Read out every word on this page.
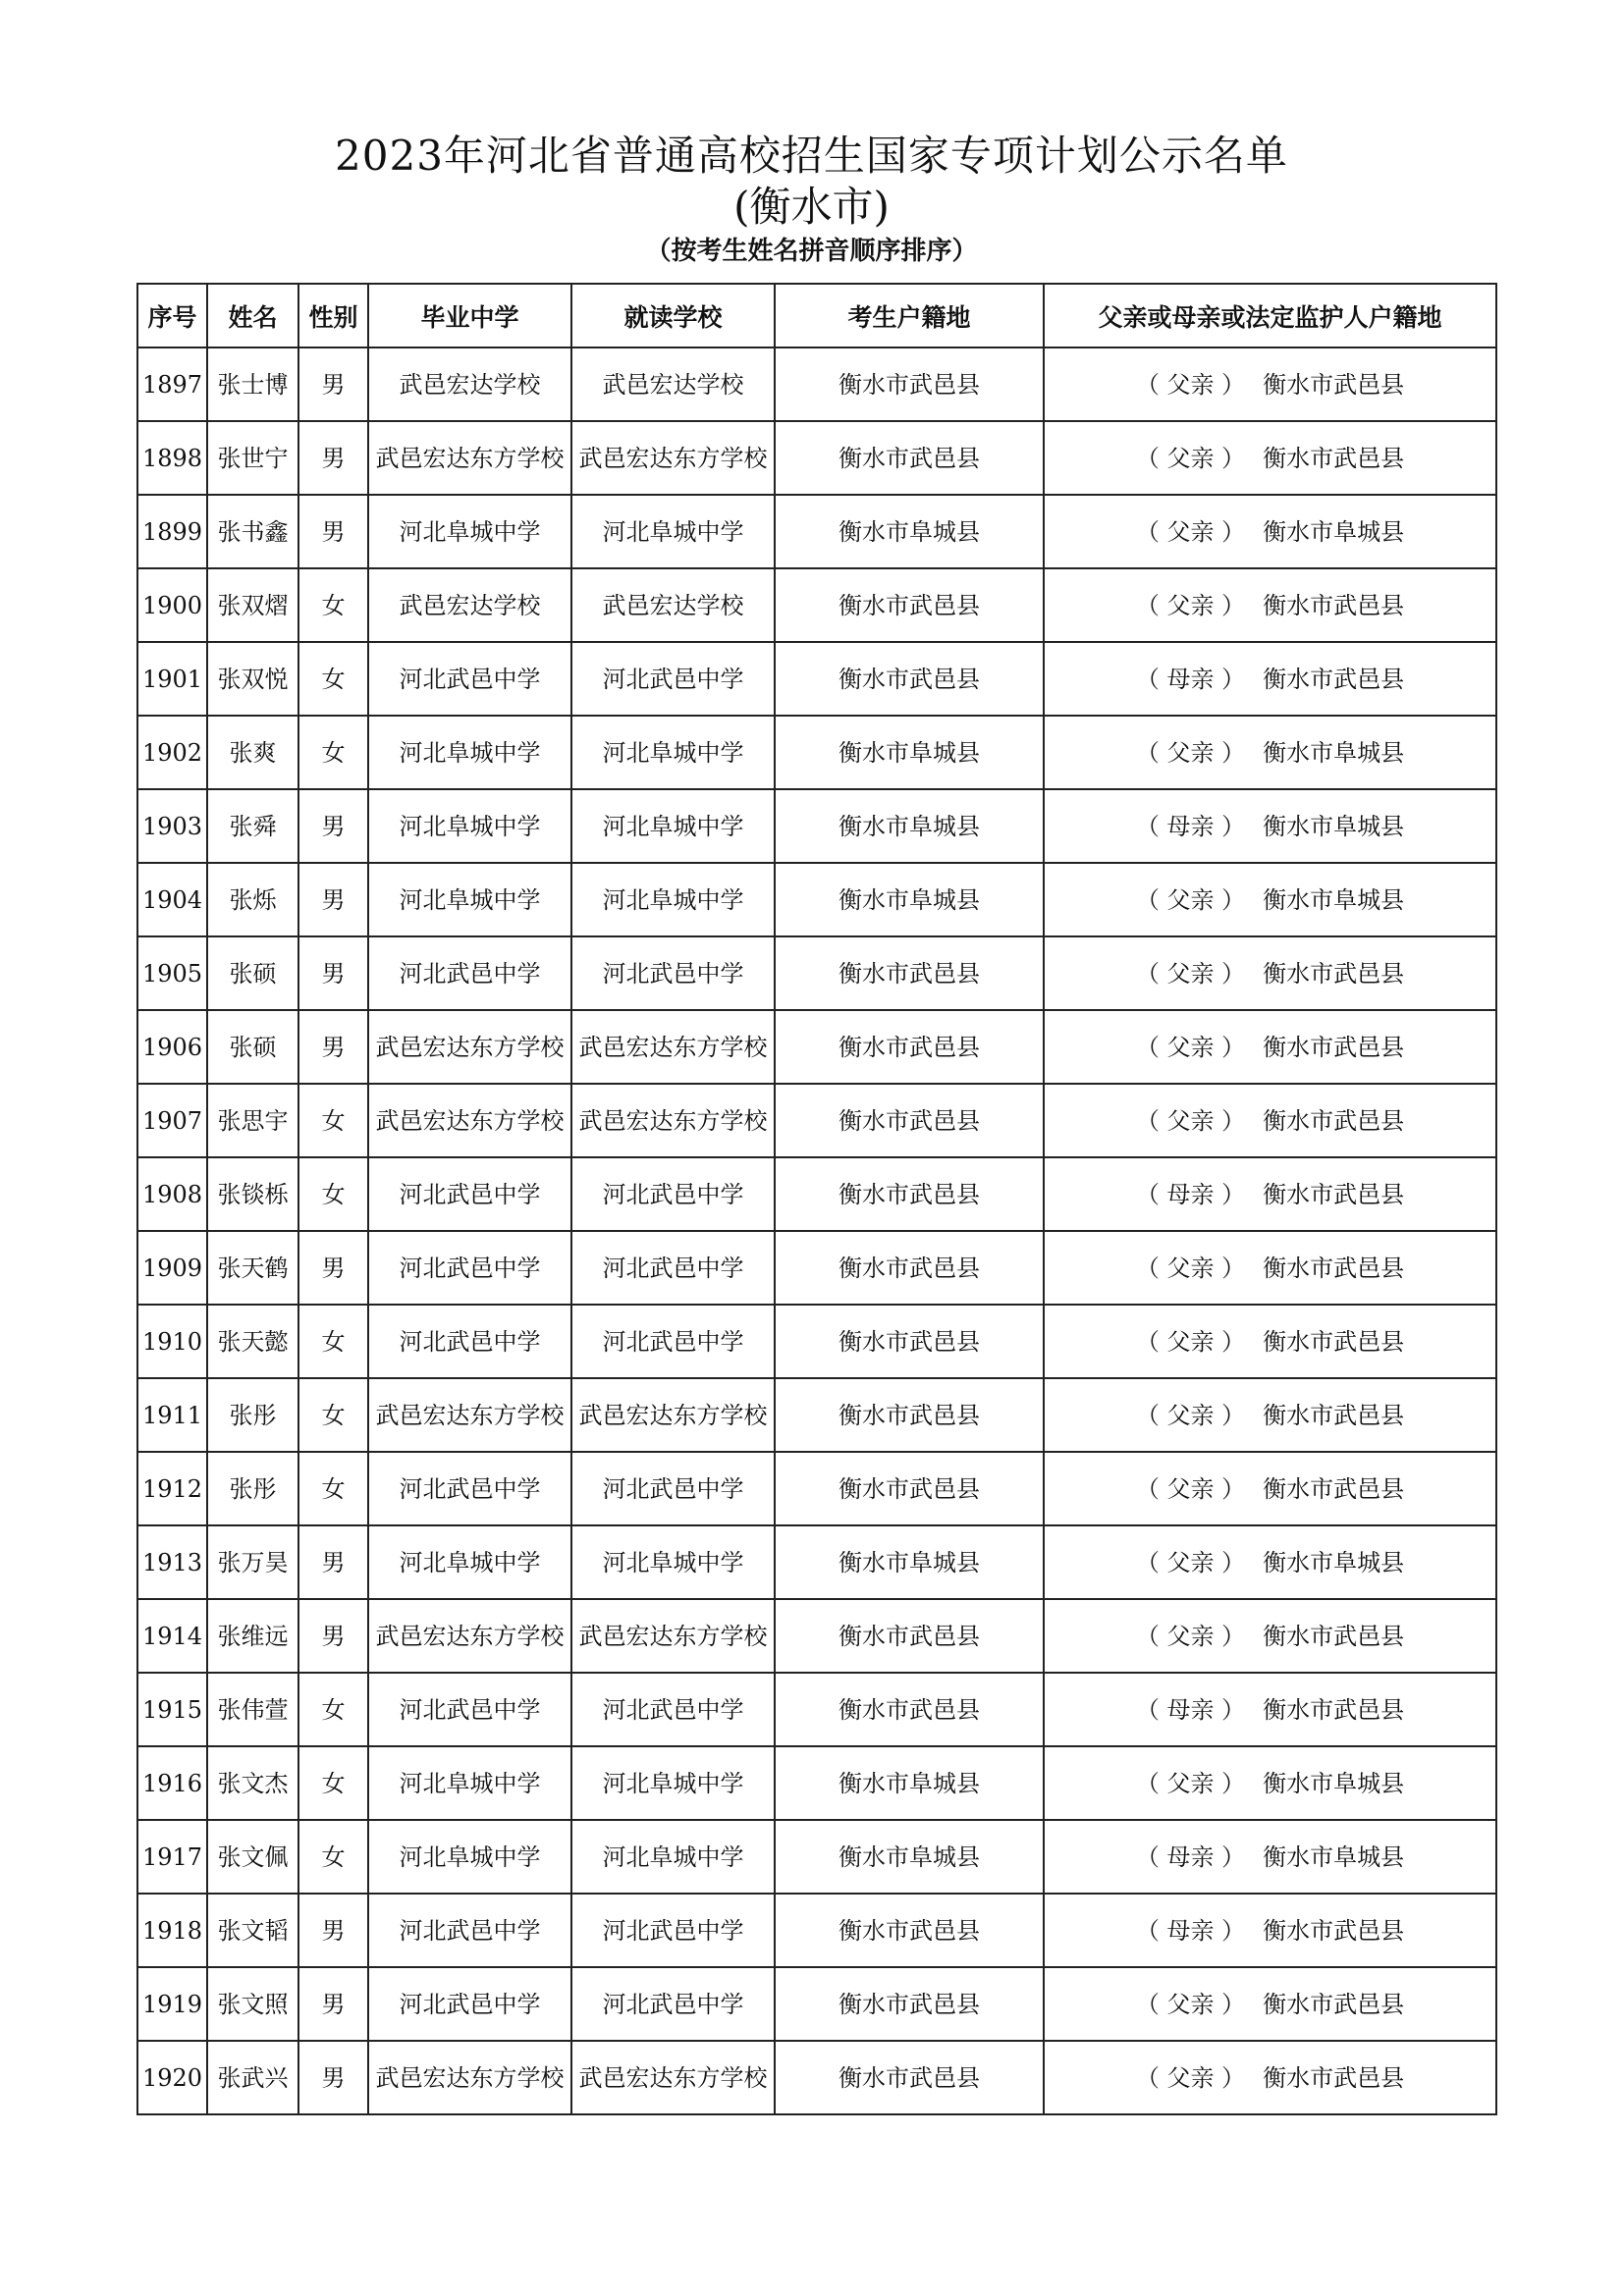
2023年河北省普通高校招生国家专项计划公示名单
(衡水市)
（按考生姓名拼音顺序排序）
序号	姓名	性别	毕业中学	就读学校	考生户籍地	父亲或母亲或法定监护人户籍地
1897	张士博	男	武邑宏达学校	武邑宏达学校	衡水市武邑县	（ 父亲 ） 衡水市武邑县
1898	张世宁	男	武邑宏达东方学校	武邑宏达东方学校	衡水市武邑县	（ 父亲 ） 衡水市武邑县
1899	张书鑫	男	河北阜城中学	河北阜城中学	衡水市阜城县	（ 父亲 ） 衡水市阜城县
1900	张双熠	女	武邑宏达学校	武邑宏达学校	衡水市武邑县	（ 父亲 ） 衡水市武邑县
1901	张双悦	女	河北武邑中学	河北武邑中学	衡水市武邑县	（ 母亲 ） 衡水市武邑县
1902	张爽	女	河北阜城中学	河北阜城中学	衡水市阜城县	（ 父亲 ） 衡水市阜城县
1903	张舜	男	河北阜城中学	河北阜城中学	衡水市阜城县	（ 母亲 ） 衡水市阜城县
1904	张烁	男	河北阜城中学	河北阜城中学	衡水市阜城县	（ 父亲 ） 衡水市阜城县
1905	张硕	男	河北武邑中学	河北武邑中学	衡水市武邑县	（ 父亲 ） 衡水市武邑县
1906	张硕	男	武邑宏达东方学校	武邑宏达东方学校	衡水市武邑县	（ 父亲 ） 衡水市武邑县
1907	张思宇	女	武邑宏达东方学校	武邑宏达东方学校	衡水市武邑县	（ 父亲 ） 衡水市武邑县
1908	张锬栎	女	河北武邑中学	河北武邑中学	衡水市武邑县	（ 母亲 ） 衡水市武邑县
1909	张天鹤	男	河北武邑中学	河北武邑中学	衡水市武邑县	（ 父亲 ） 衡水市武邑县
1910	张天懿	女	河北武邑中学	河北武邑中学	衡水市武邑县	（ 父亲 ） 衡水市武邑县
1911	张彤	女	武邑宏达东方学校	武邑宏达东方学校	衡水市武邑县	（ 父亲 ） 衡水市武邑县
1912	张彤	女	河北武邑中学	河北武邑中学	衡水市武邑县	（ 父亲 ） 衡水市武邑县
1913	张万昊	男	河北阜城中学	河北阜城中学	衡水市阜城县	（ 父亲 ） 衡水市阜城县
1914	张维远	男	武邑宏达东方学校	武邑宏达东方学校	衡水市武邑县	（ 父亲 ） 衡水市武邑县
1915	张伟萱	女	河北武邑中学	河北武邑中学	衡水市武邑县	（ 母亲 ） 衡水市武邑县
1916	张文杰	女	河北阜城中学	河北阜城中学	衡水市阜城县	（ 父亲 ） 衡水市阜城县
1917	张文佩	女	河北阜城中学	河北阜城中学	衡水市阜城县	（ 母亲 ） 衡水市阜城县
1918	张文韬	男	河北武邑中学	河北武邑中学	衡水市武邑县	（ 母亲 ） 衡水市武邑县
1919	张文照	男	河北武邑中学	河北武邑中学	衡水市武邑县	（ 父亲 ） 衡水市武邑县
1920	张武兴	男	武邑宏达东方学校	武邑宏达东方学校	衡水市武邑县	（ 父亲 ） 衡水市武邑县
